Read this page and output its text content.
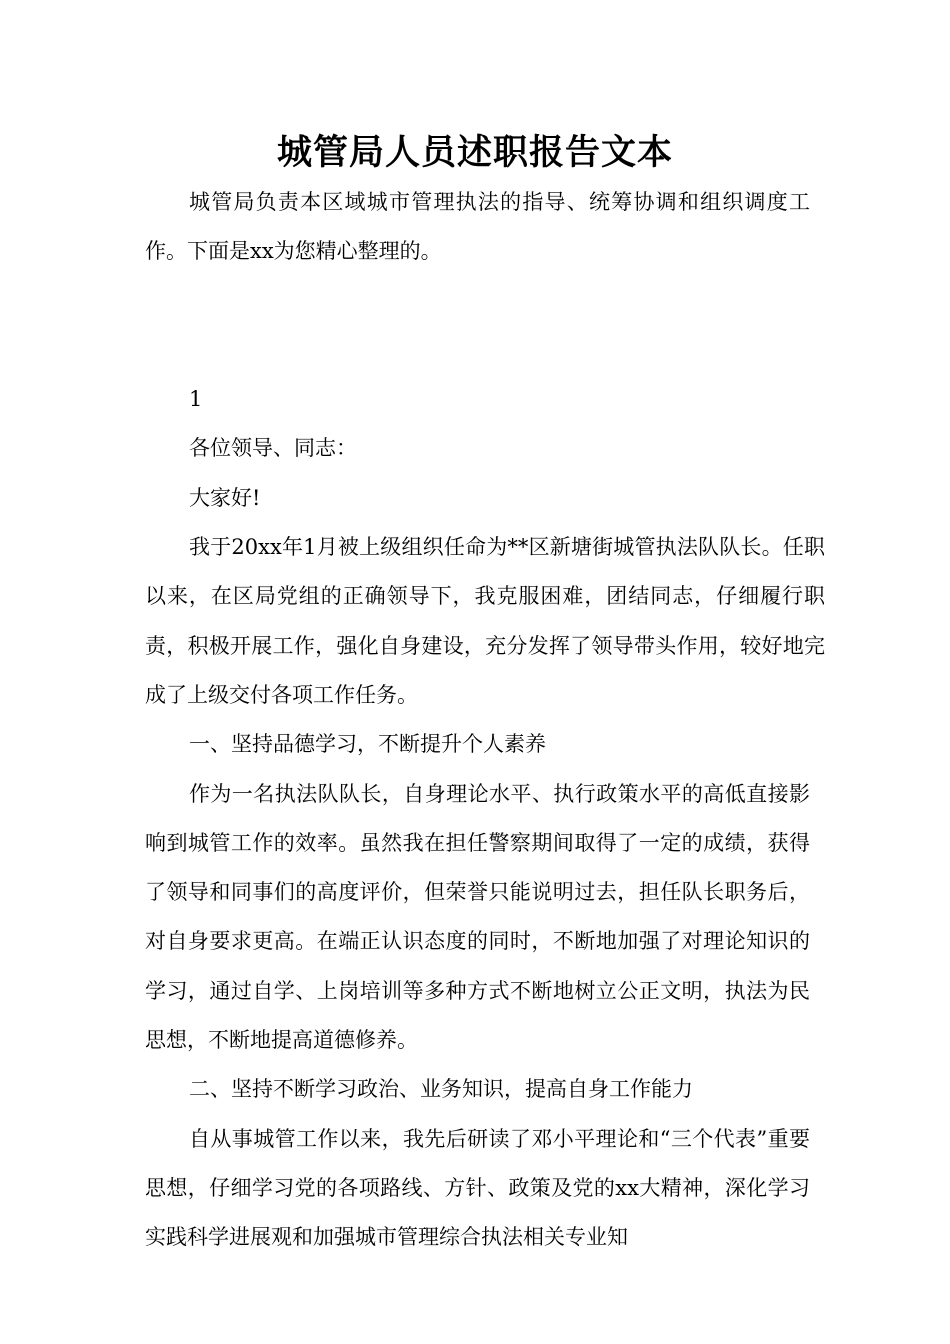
城管局人员述职报告文本

城管局负责本区域城市管理执法的指导、统筹协调和组织调度工作。下面是xx为您精心整理的。

1

各位领导、同志：

大家好!

我于20xx年1月被上级组织任命为**区新塘街城管执法队队长。任职以来，在区局党组的正确领导下，我克服困难，团结同志，仔细履行职责，积极开展工作，强化自身建设，充分发挥了领导带头作用，较好地完成了上级交付各项工作任务。

一、坚持品德学习，不断提升个人素养

作为一名执法队队长，自身理论水平、执行政策水平的高低直接影响到城管工作的效率。虽然我在担任警察期间取得了一定的成绩，获得了领导和同事们的高度评价，但荣誉只能说明过去，担任队长职务后，对自身要求更高。在端正认识态度的同时，不断地加强了对理论知识的学习，通过自学、上岗培训等多种方式不断地树立公正文明，执法为民思想，不断地提高道德修养。

二、坚持不断学习政治、业务知识，提高自身工作能力

自从事城管工作以来，我先后研读了邓小平理论和“三个代表”重要思想，仔细学习党的各项路线、方针、政策及党的xx大精神，深化学习实践科学进展观和加强城市管理综合执法相关专业知
